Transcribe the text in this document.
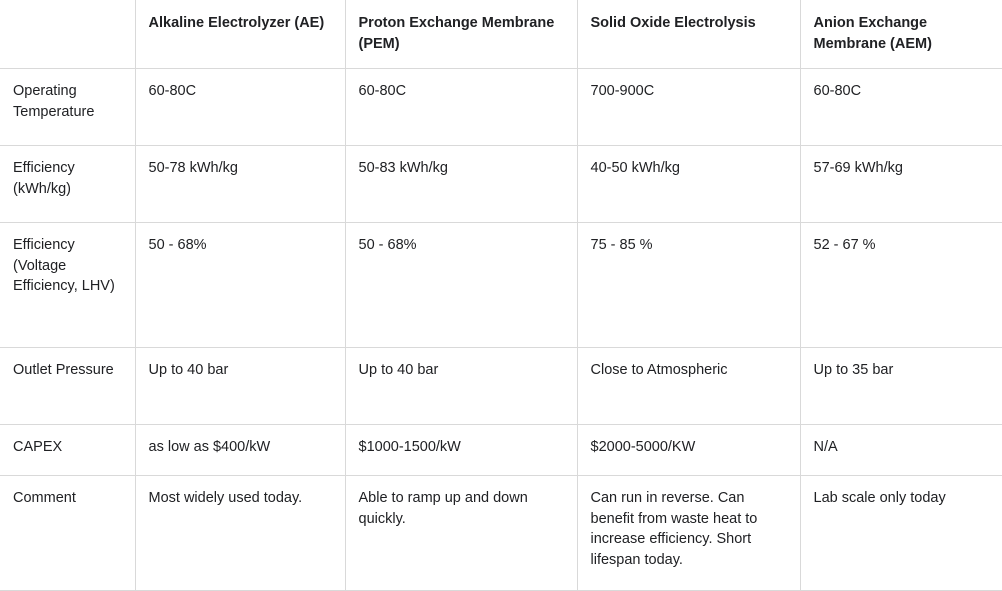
	Alkaline Electrolyzer (AE)	Proton Exchange Membrane (PEM)	Solid Oxide Electrolysis	Anion Exchange Membrane (AEM)
Operating Temperature	60-80C	60-80C	700-900C	60-80C
Efficiency (kWh/kg)	50-78 kWh/kg	50-83 kWh/kg	40-50 kWh/kg	57-69 kWh/kg
Efficiency (Voltage Efficiency, LHV)	50 - 68%	50 - 68%	75 - 85 %	52 - 67 %
Outlet Pressure	Up to 40 bar	Up to 40 bar	Close to Atmospheric	Up to 35 bar
CAPEX	as low as $400/kW	$1000-1500/kW	$2000-5000/KW	N/A
Comment	Most widely used today.	Able to ramp up and down quickly.	Can run in reverse. Can benefit from waste heat to increase efficiency. Short lifespan today.	Lab scale only today
